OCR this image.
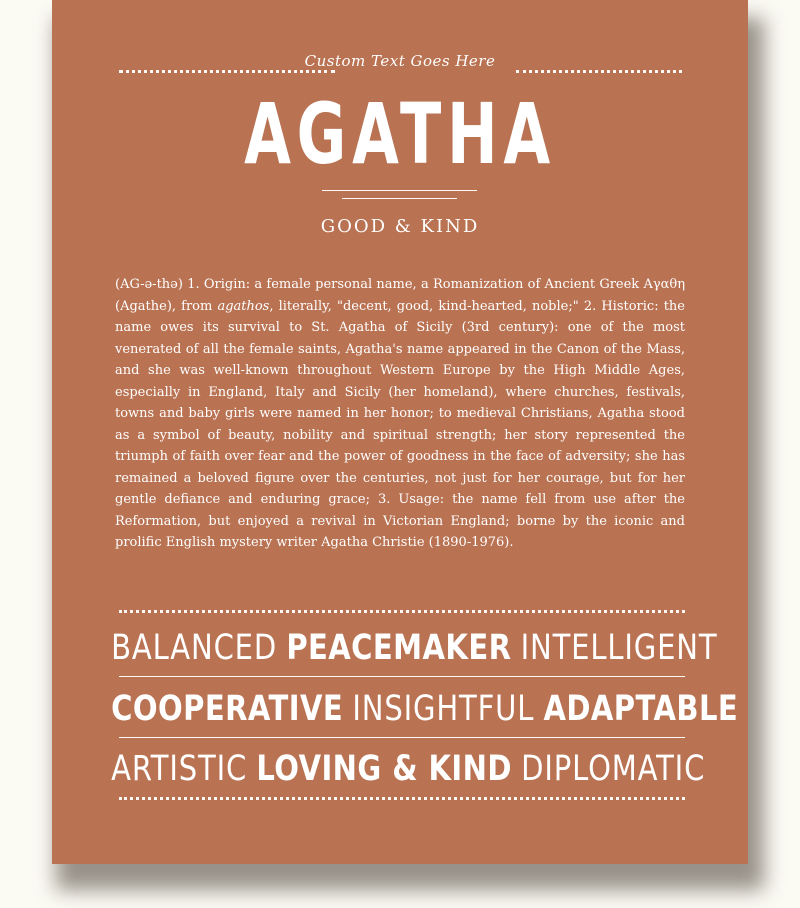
Custom Text Goes Here
AGATHA
GOOD & KIND
(AG-ə-thə) 1. Origin: a female personal name, a Romanization of Ancient Greek Αγαθη (Agathe), from agathos, literally, "decent, good, kind-hearted, noble;" 2. Historic: the name owes its survival to St. Agatha of Sicily (3rd century): one of the most venerated of all the female saints, Agatha's name appeared in the Canon of the Mass, and she was well-known throughout Western Europe by the High Middle Ages, especially in England, Italy and Sicily (her homeland), where churches, festivals, towns and baby girls were named in her honor; to medieval Christians, Agatha stood as a symbol of beauty, nobility and spiritual strength; her story represented the triumph of faith over fear and the power of goodness in the face of adversity; she has remained a beloved figure over the centuries, not just for her courage, but for her gentle defiance and enduring grace; 3. Usage: the name fell from use after the Reformation, but enjoyed a revival in Victorian England; borne by the iconic and prolific English mystery writer Agatha Christie (1890-1976).
BALANCED PEACEMAKER INTELLIGENT
COOPERATIVE INSIGHTFUL ADAPTABLE
ARTISTIC LOVING & KIND DIPLOMATIC
